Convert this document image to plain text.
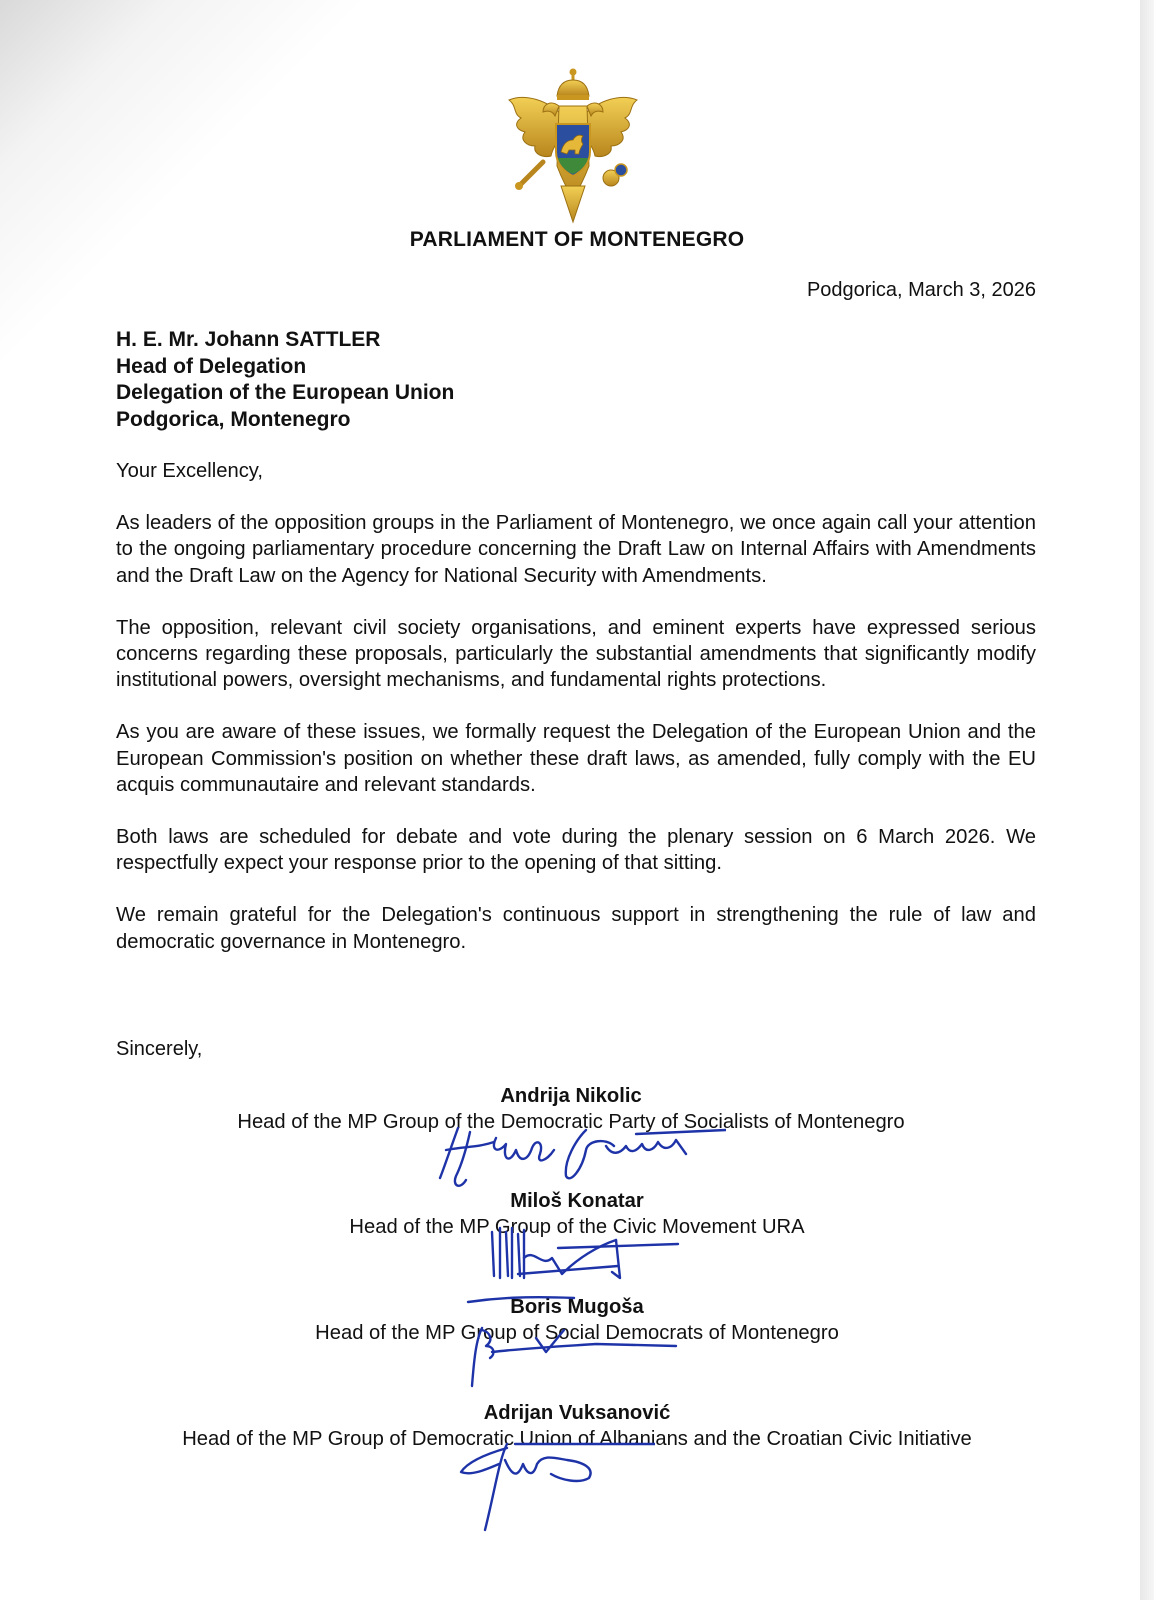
PARLIAMENT OF MONTENEGRO
Podgorica, March 3, 2026
H. E. Mr. Johann SATTLER
Head of Delegation
Delegation of the European Union
Podgorica, Montenegro

Your Excellency,

As leaders of the opposition groups in the Parliament of Montenegro, we once again call your attention to the ongoing parliamentary procedure concerning the Draft Law on Internal Affairs with Amendments and the Draft Law on the Agency for National Security with Amendments.

The opposition, relevant civil society organisations, and eminent experts have expressed serious concerns regarding these proposals, particularly the substantial amendments that significantly modify institutional powers, oversight mechanisms, and fundamental rights protections.

As you are aware of these issues, we formally request the Delegation of the European Union and the European Commission's position on whether these draft laws, as amended, fully comply with the EU acquis communautaire and relevant standards.

Both laws are scheduled for debate and vote during the plenary session on 6 March 2026. We respectfully expect your response prior to the opening of that sitting.

We remain grateful for the Delegation's continuous support in strengthening the rule of law and democratic governance in Montenegro.

Sincerely,
Andrija Nikolic
Head of the MP Group of the Democratic Party of Socialists of Montenegro
Miloš Konatar
Head of the MP Group of the Civic Movement URA
Boris Mugoša
Head of the MP Group of Social Democrats of Montenegro
Adrijan Vuksanović
Head of the MP Group of Democratic Union of Albanians and the Croatian Civic Initiative
